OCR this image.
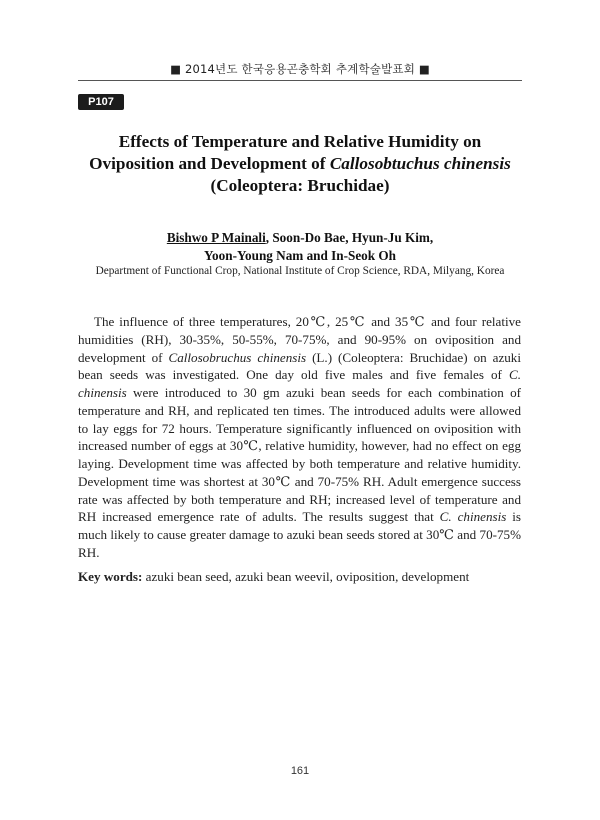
■ 2014년도 한국응용곤충학회 추계학술발표회 ■
P107
Effects of Temperature and Relative Humidity on
Oviposition and Development of Callosobtuchus chinensis
(Coleoptera: Bruchidae)
Bishwo P Mainali, Soon-Do Bae, Hyun-Ju Kim,
Yoon-Young Nam and In-Seok Oh
Department of Functional Crop, National Institute of Crop Science, RDA, Milyang, Korea
The influence of three temperatures, 20℃, 25℃ and 35℃ and four relative humidities (RH), 30-35%, 50-55%, 70-75%, and 90-95% on oviposition and development of Callosobruchus chinensis (L.) (Coleoptera: Bruchidae) on azuki bean seeds was investigated. One day old five males and five females of C. chinensis were introduced to 30 gm azuki bean seeds for each combination of temperature and RH, and replicated ten times. The introduced adults were allowed to lay eggs for 72 hours. Temperature significantly influenced on oviposition with increased number of eggs at 30℃, relative humidity, however, had no effect on egg laying. Development time was affected by both temperature and relative humidity. Development time was shortest at 30℃ and 70-75% RH. Adult emergence success rate was affected by both temperature and RH; increased level of temperature and RH increased emergence rate of adults. The results suggest that C. chinensis is much likely to cause greater damage to azuki bean seeds stored at 30℃ and 70-75% RH.
Key words: azuki bean seed, azuki bean weevil, oviposition, development
161
